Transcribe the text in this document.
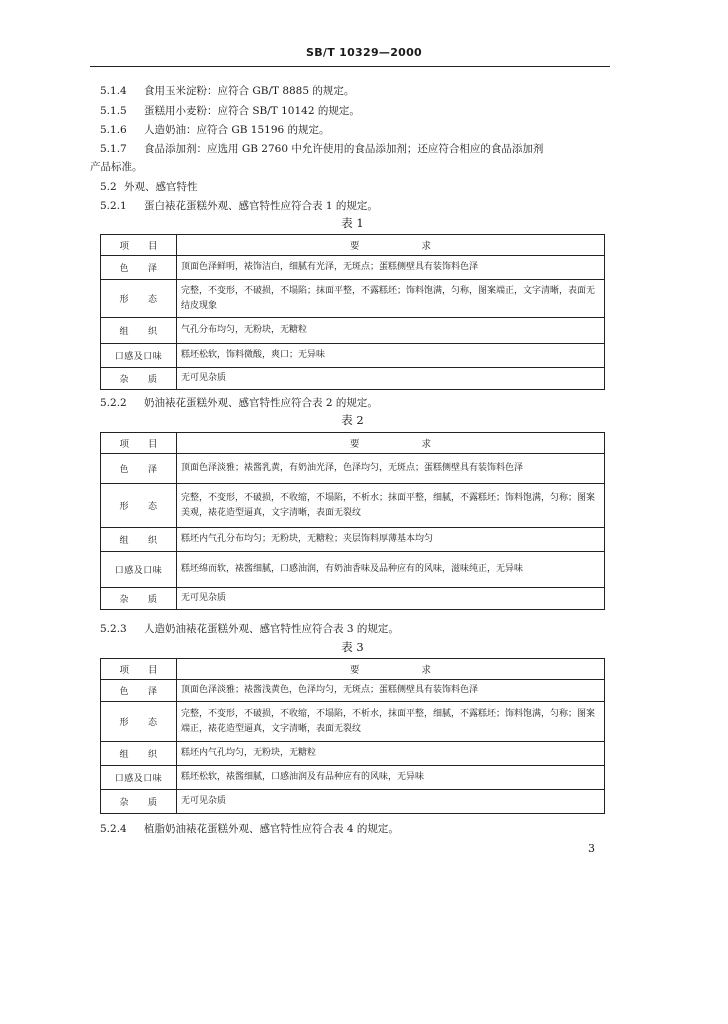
SB/T 10329—2000
5.1.4 食用玉米淀粉：应符合 GB/T 8885 的规定。
5.1.5 蛋糕用小麦粉：应符合 SB/T 10142 的规定。
5.1.6 人造奶油：应符合 GB 15196 的规定。
5.1.7 食品添加剂：应选用 GB 2760 中允许使用的食品添加剂；还应符合相应的食品添加剂
产品标准。
5.2 外观、感官特性
5.2.1 蛋白裱花蛋糕外观、感官特性应符合表 1 的规定。
表 1
项　　目	要 求
色　　泽	顶面色泽鲜明，裱饰洁白，细腻有光泽，无斑点；蛋糕侧壁具有装饰料色泽
形　　态	完整，不变形，不破损，不塌陷；抹面平整，不露糕坯；饰料饱满，匀称，图案端正，文字清晰，表面无结皮现象
组　　织	气孔分布均匀，无粉块，无糖粒
口感及口味	糕坯松软，饰料微酸，爽口；无异味
杂　　质	无可见杂质
5.2.2 奶油裱花蛋糕外观、感官特性应符合表 2 的规定。
表 2
项　　目	要 求
色　　泽	顶面色泽淡雅；裱酱乳黄，有奶油光泽，色泽均匀，无斑点；蛋糕侧壁具有装饰料色泽
形　　态	完整，不变形，不破损，不收缩，不塌陷，不析水；抹面平整，细腻，不露糕坯；饰料饱满，匀称；图案美观，裱花造型逼真，文字清晰，表面无裂纹
组　　织	糕坯内气孔分布均匀；无粉块，无糖粒；夹层饰料厚薄基本均匀
口感及口味	糕坯绵而软，裱酱细腻，口感油润，有奶油香味及品种应有的风味，滋味纯正，无异味
杂　　质	无可见杂质
5.2.3 人造奶油裱花蛋糕外观、感官特性应符合表 3 的规定。
表 3
项　　目	要 求
色　　泽	顶面色泽淡雅；裱酱浅黄色，色泽均匀，无斑点；蛋糕侧壁具有装饰料色泽
形　　态	完整，不变形，不破损，不收缩，不塌陷，不析水，抹面平整，细腻，不露糕坯；饰料饱满，匀称；图案端正，裱花造型逼真，文字清晰，表面无裂纹
组　　织	糕坯内气孔均匀，无粉块，无糖粒
口感及口味	糕坯松软，裱酱细腻，口感油润及有品种应有的风味，无异味
杂　　质	无可见杂质
5.2.4 植脂奶油裱花蛋糕外观、感官特性应符合表 4 的规定。
3
